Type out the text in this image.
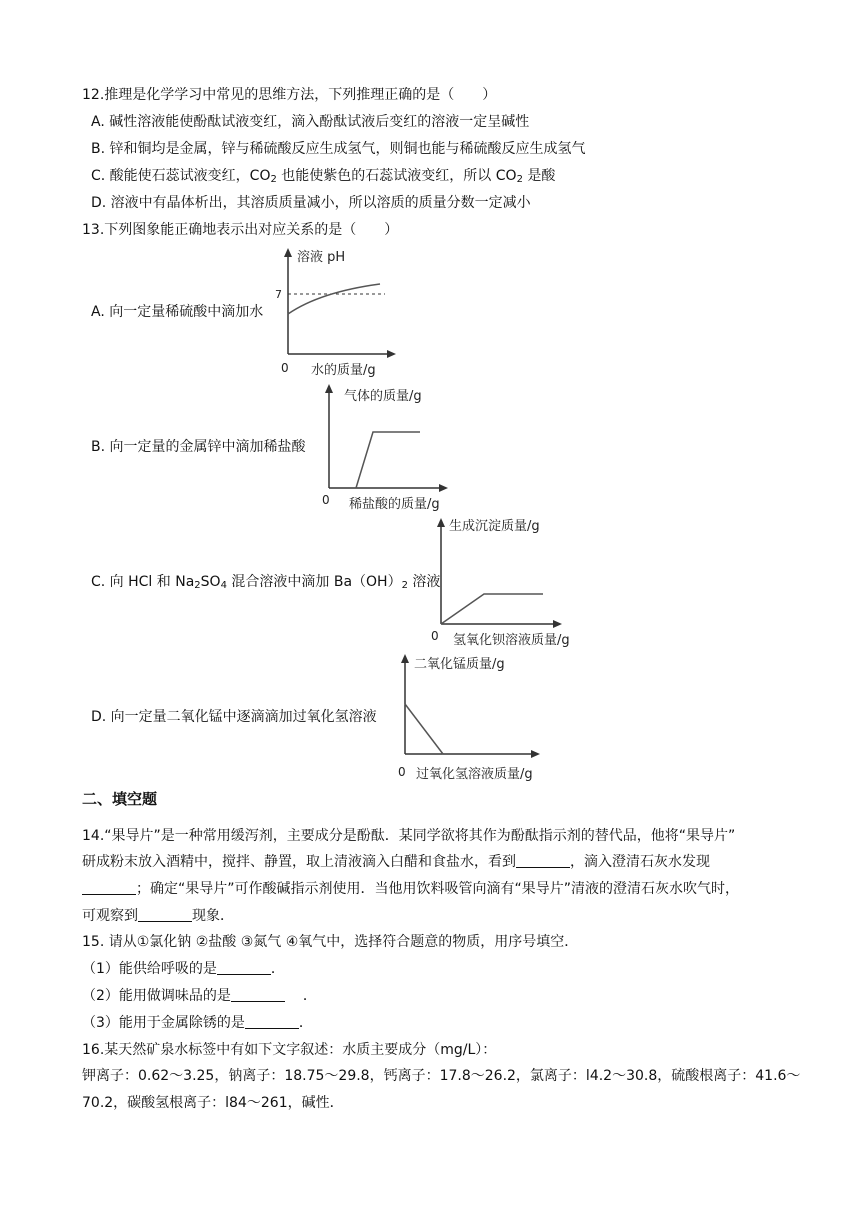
12.推理是化学学习中常见的思维方法，下列推理正确的是（　　）
A. 碱性溶液能使酚酞试液变红，滴入酚酞试液后变红的溶液一定呈碱性
B. 锌和铜均是金属，锌与稀硫酸反应生成氢气，则铜也能与稀硫酸反应生成氢气
C. 酸能使石蕊试液变红，$CO_2$ 也能使紫色的石蕊试液变红，所以 $CO_2$ 是酸
D. 溶液中有晶体析出，其溶质质量减小，所以溶质的质量分数一定减小
13.下列图象能正确地表示出对应关系的是（　　）
A. 向一定量稀硫酸中滴加水
B. 向一定量的金属锌中滴加稀盐酸
C. 向 HCl 和 $Na_2SO_4$ 混合溶液中滴加 $Ba(OH)_2$ 溶液
D. 向一定量二氧化锰中逐滴滴加过氧化氢溶液
溶液 pH
7
0 水的质量/g
气体的质量/g
0 稀盐酸的质量/g
生成沉淀质量/g
0 氢氧化钡溶液质量/g
二氧化锰质量/g
0 过氧化氢溶液质量/g
二、填空题
14.“果导片”是一种常用缓泻剂，主要成分是酚酞．某同学欲将其作为酚酞指示剂的替代品，他将“果导片”
研成粉末放入酒精中，搅拌、静置，取上清液滴入白醋和食盐水，看到	，滴入澄清石灰水发现
；确定“果导片”可作酸碱指示剂使用．当他用饮料吸管向滴有“果导片”清液的澄清石灰水吹气时，
可观察到	现象．
15. 请从①氯化钠 ②盐酸 ③氮气 ④氧气中，选择符合题意的物质，用序号填空．
（1）能供给呼吸的是	．
（2）能用做调味品的是	．
（3）能用于金属除锈的是	．
16.某天然矿泉水标签中有如下文字叙述：水质主要成分（mg/L）：
钾离子：0.62～3.25，钠离子：18.75～29.8，钙离子：17.8～26.2，氯离子：l4.2～30.8，硫酸根离子：41.6～
70.2，碳酸氢根离子：l84～261，碱性．
